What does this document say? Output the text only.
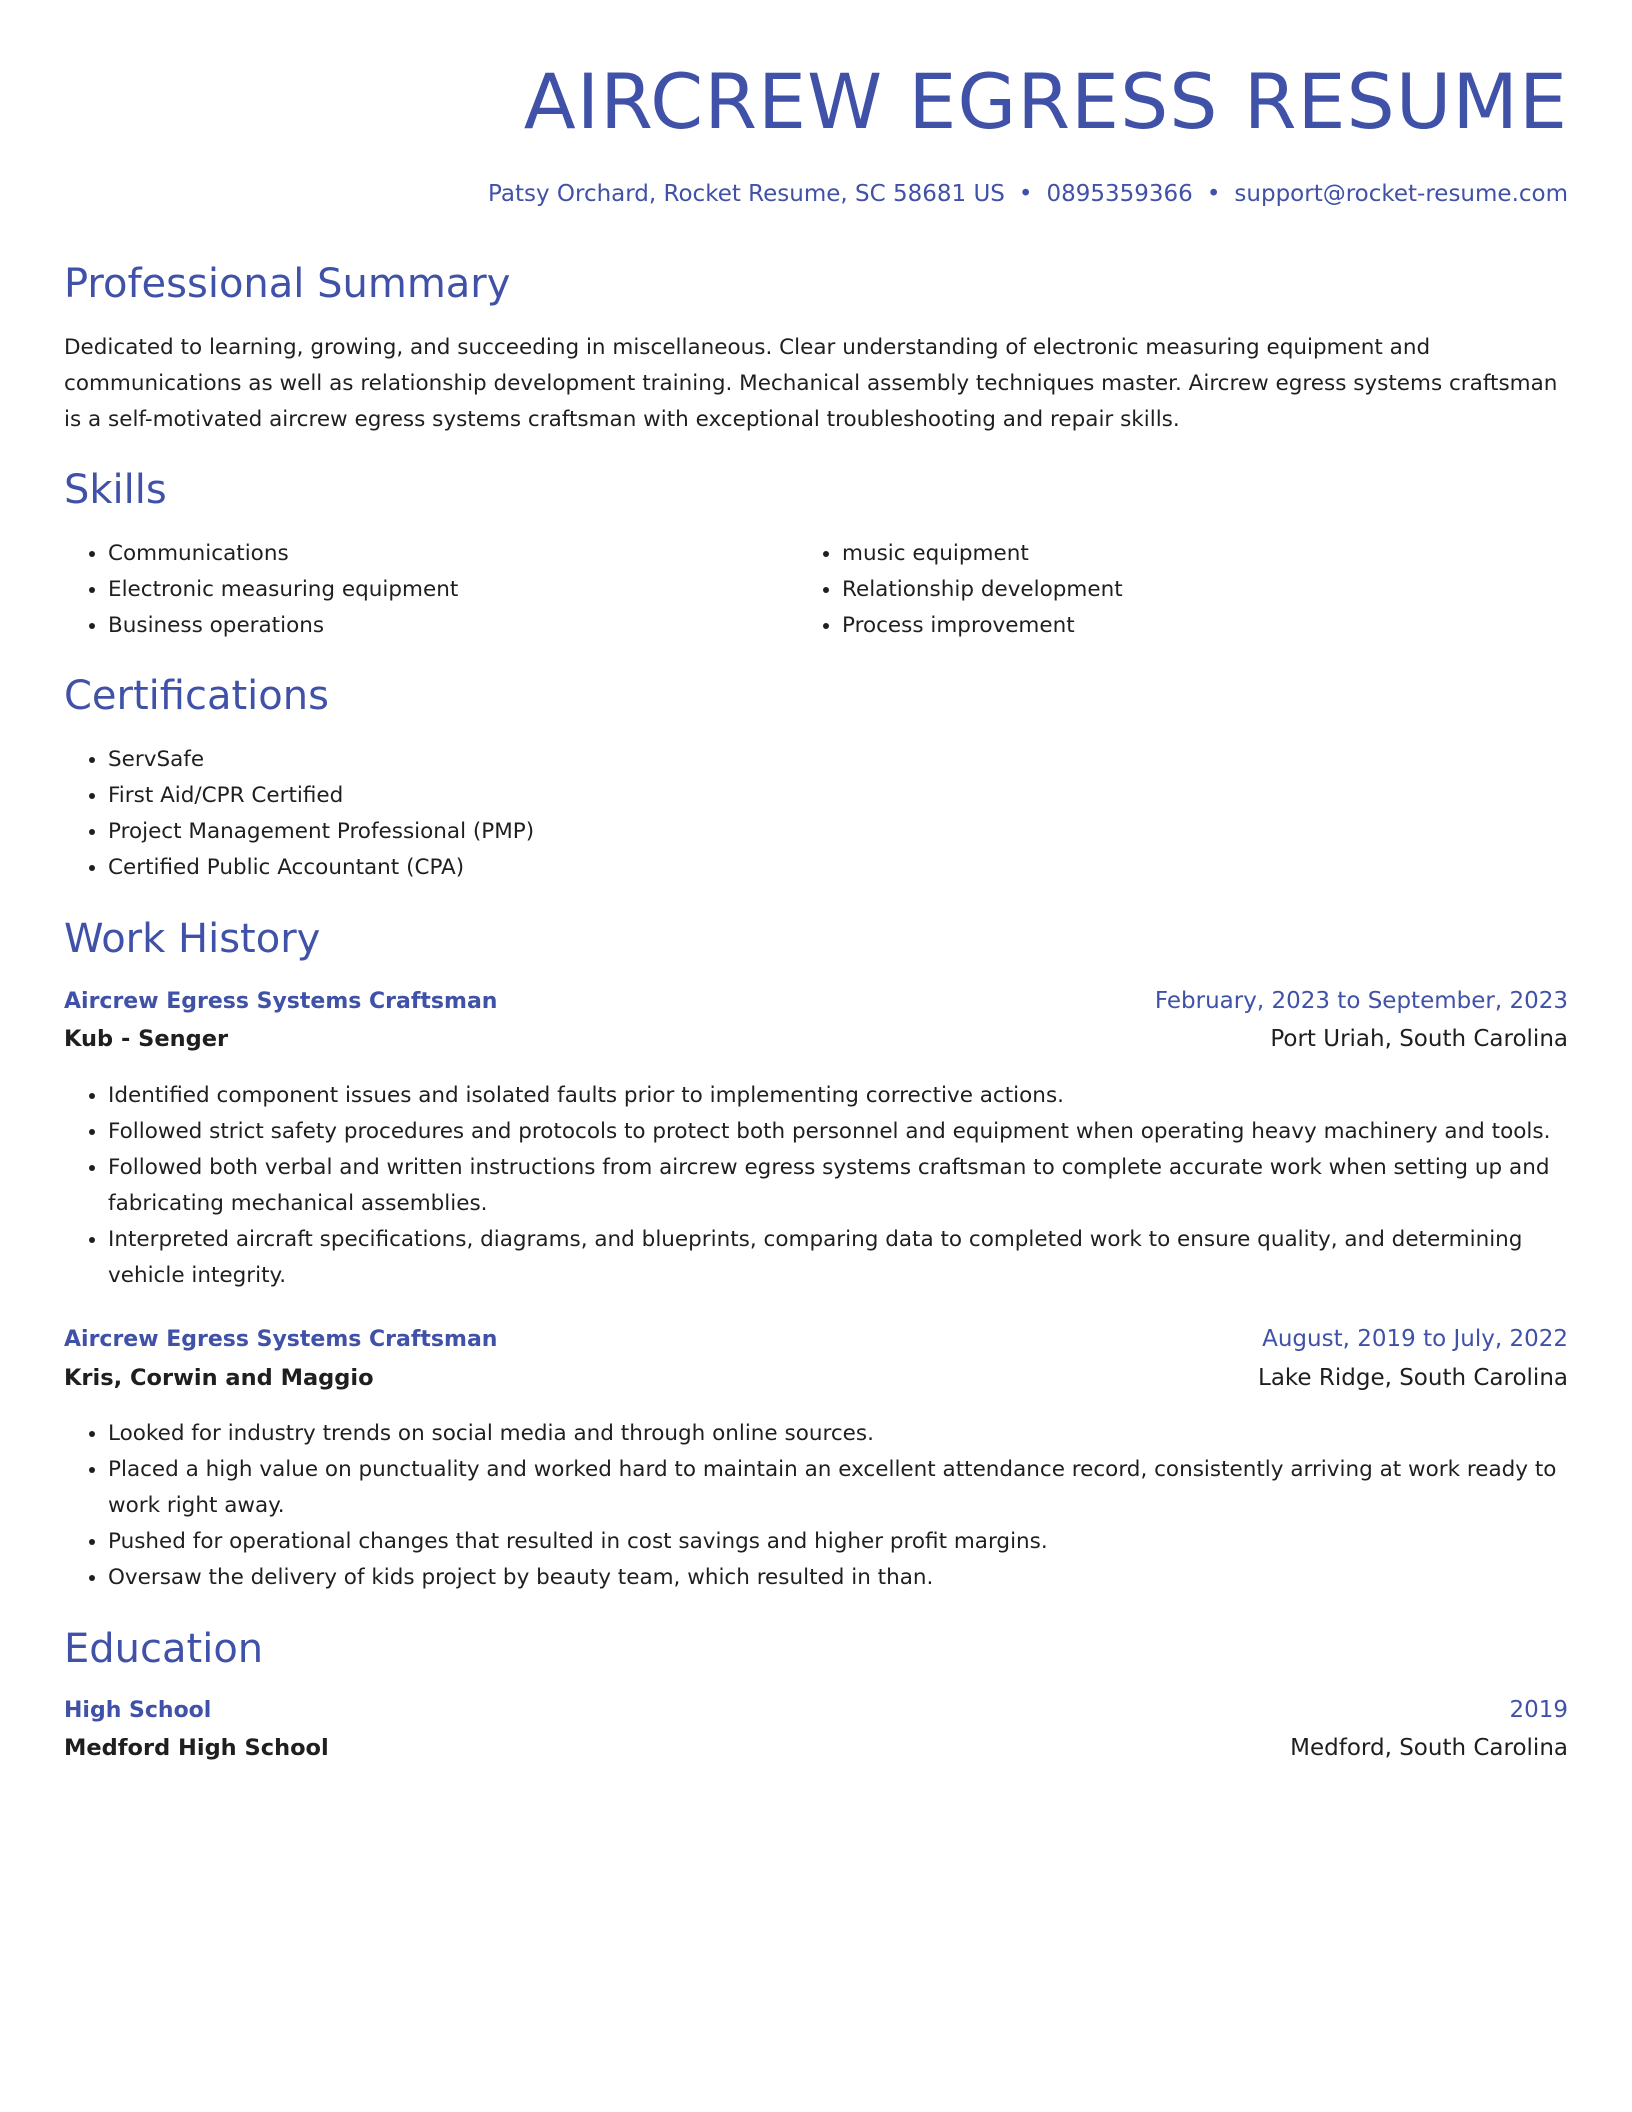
AIRCREW EGRESS RESUME
Patsy Orchard, Rocket Resume, SC 58681 US • 0895359366 • support@rocket-resume.com
Professional Summary

Dedicated to learning, growing, and succeeding in miscellaneous. Clear understanding of electronic measuring equipment and communications as well as relationship development training. Mechanical assembly techniques master. Aircrew egress systems craftsman is a self-motivated aircrew egress systems craftsman with exceptional troubleshooting and repair skills.

Skills
• Communications
• Electronic measuring equipment
• Business operations
• music equipment
• Relationship development
• Process improvement
Certifications
• ServSafe
• First Aid/CPR Certified
• Project Management Professional (PMP)
• Certified Public Accountant (CPA)
Work History
Aircrew Egress Systems Craftsman	February, 2023 to September, 2023
Kub - Senger	Port Uriah, South Carolina
• Identified component issues and isolated faults prior to implementing corrective actions.
• Followed strict safety procedures and protocols to protect both personnel and equipment when operating heavy machinery and tools.
• Followed both verbal and written instructions from aircrew egress systems craftsman to complete accurate work when setting up and fabricating mechanical assemblies.
• Interpreted aircraft specifications, diagrams, and blueprints, comparing data to completed work to ensure quality, and determining vehicle integrity.
Aircrew Egress Systems Craftsman	August, 2019 to July, 2022
Kris, Corwin and Maggio	Lake Ridge, South Carolina
• Looked for industry trends on social media and through online sources.
• Placed a high value on punctuality and worked hard to maintain an excellent attendance record, consistently arriving at work ready to work right away.
• Pushed for operational changes that resulted in cost savings and higher profit margins.
• Oversaw the delivery of kids project by beauty team, which resulted in than.
Education
High School	2019
Medford High School	Medford, South Carolina
